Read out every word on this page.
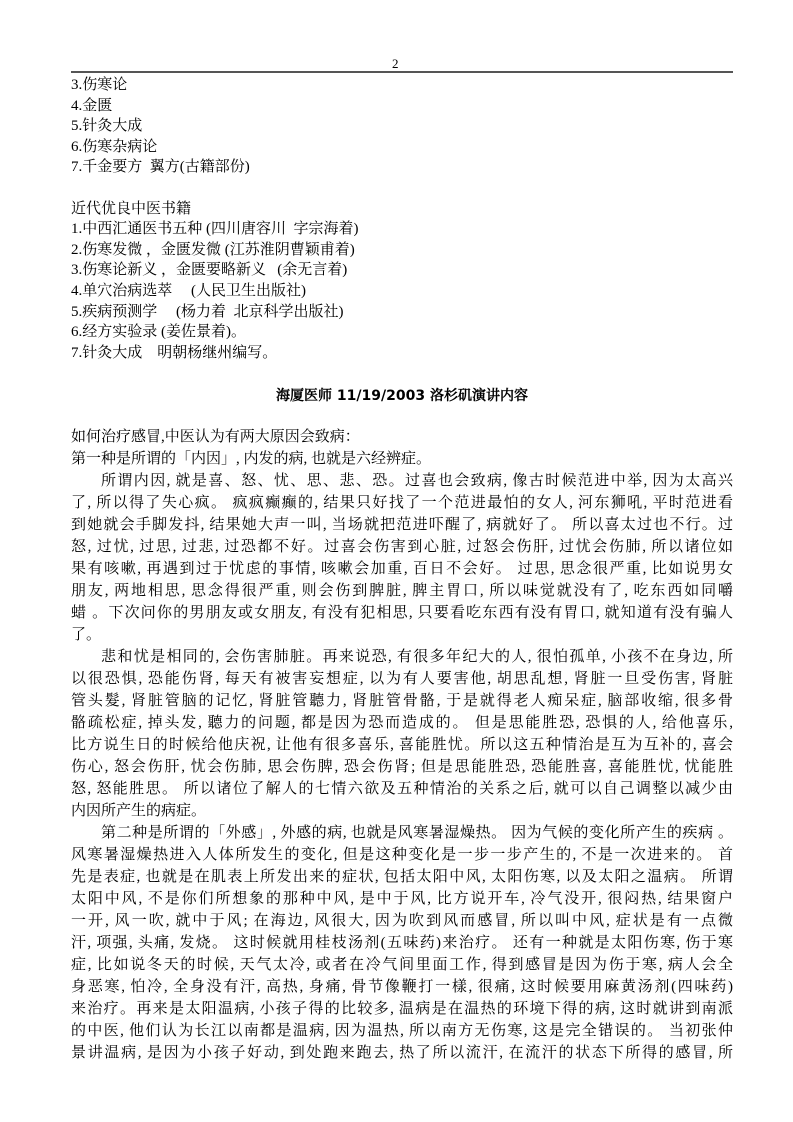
2
3.伤寒论
4.金匮
5.针灸大成
6.伤寒杂病论
7.千金要方  翼方(古籍部份)
近代优良中医书籍
1.中西汇通医书五种 (四川唐容川  字宗海着)
2.伤寒发微 ，金匮发微 (江苏淮阴曹颖甫着)
3.伤寒论新义 ，金匮要略新义   (余无言着)
4.单穴治病选萃     (人民卫生出版社)
5.疾病预测学     (杨力着  北京科学出版社)
6.经方实验录 (姜佐景着)。
7.针灸大成    明朝杨继州编写。
海厦医师 11/19/2003 洛杉矶演讲内容
如何治疗感冒,中医认为有两大原因会致病：
第一种是所谓的「内因」, 内发的病, 也就是六经辨症。
所谓内因, 就是喜、怒、忧、思、悲、恐。过喜也会致病, 像古时候范进中举, 因为太高兴
了, 所以得了失心疯。 疯疯癫癫的, 结果只好找了一个范进最怕的女人, 河东狮吼, 平时范进看
到她就会手脚发抖, 结果她大声一叫, 当场就把范进吓醒了, 病就好了。 所以喜太过也不行。过
怒, 过忧, 过思, 过悲, 过恐都不好。过喜会伤害到心脏, 过怒会伤肝, 过忧会伤肺, 所以诸位如
果有咳嗽, 再遇到过于忧虑的事情, 咳嗽会加重, 百日不会好。 过思, 思念很严重, 比如说男女
朋友, 两地相思, 思念得很严重, 则会伤到脾脏, 脾主胃口, 所以味觉就没有了, 吃东西如同嚼
蜡 。下次问你的男朋友或女朋友, 有没有犯相思, 只要看吃东西有没有胃口, 就知道有没有骗人
了。
悲和忧是相同的, 会伤害肺脏。再来说恐, 有很多年纪大的人, 很怕孤单, 小孩不在身边, 所
以很恐惧, 恐能伤肾, 每天有被害妄想症, 以为有人要害他, 胡思乱想, 肾脏一旦受伤害, 肾脏
管头髮, 肾脏管脑的记忆, 肾脏管聽力, 肾脏管骨骼, 于是就得老人痴呆症, 脑部收缩, 很多骨
骼疏松症, 掉头发, 聽力的问题, 都是因为恐而造成的。 但是思能胜恐, 恐惧的人, 给他喜乐,
比方说生日的时候给他庆祝, 让他有很多喜乐, 喜能胜忧。所以这五种情治是互为互补的, 喜会
伤心, 怒会伤肝, 忧会伤肺, 思会伤脾, 恐会伤肾; 但是思能胜恐, 恐能胜喜, 喜能胜忧, 忧能胜
怒, 怒能胜思。 所以诸位了解人的七情六欲及五种情治的关系之后, 就可以自己调整以减少由
内因所产生的病症。
第二种是所谓的「外感」, 外感的病, 也就是风寒暑湿燥热。 因为气候的变化所产生的疾病 。
风寒暑湿燥热进入人体所发生的变化, 但是这种变化是一步一步产生的, 不是一次进来的。 首
先是表症, 也就是在肌表上所发出来的症状, 包括太阳中风, 太阳伤寒, 以及太阳之温病。 所谓
太阳中风, 不是你们所想象的那种中风, 是中于风, 比方说开车, 冷气没开, 很闷热, 结果窗户
一开, 风一吹, 就中于风; 在海边, 风很大, 因为吹到风而感冒, 所以叫中风, 症状是有一点微
汗, 项强, 头痛, 发烧。 这时候就用桂枝汤剂(五味药)来治疗。 还有一种就是太阳伤寒, 伤于寒
症, 比如说冬天的时候, 天气太冷, 或者在冷气间里面工作, 得到感冒是因为伤于寒, 病人会全
身恶寒, 怕冷, 全身没有汗, 高热, 身痛, 骨节像鞭打一樣, 很痛, 这时候要用麻黄汤剂(四味药)
来治疗。再来是太阳温病, 小孩子得的比较多, 温病是在温热的环境下得的病, 这时就讲到南派
的中医, 他们认为长江以南都是温病, 因为温热, 所以南方无伤寒, 这是完全错误的。 当初张仲
景讲温病, 是因为小孩子好动, 到处跑来跑去, 热了所以流汗, 在流汗的状态下所得的感冒, 所
